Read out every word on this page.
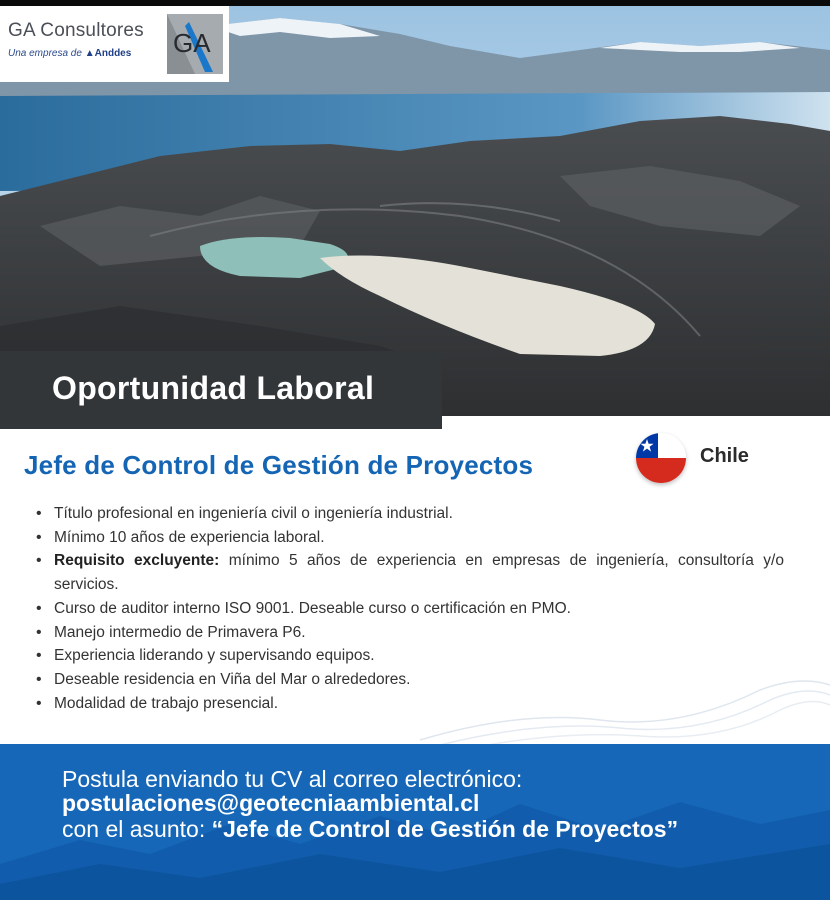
GA Consultores
Una empresa de ▲Anddes GA
Oportunidad Laboral
Jefe de Control de Gestión de Proyectos	Chile
• Título profesional en ingeniería civil o ingeniería industrial.
• Mínimo 10 años de experiencia laboral.
• Requisito excluyente: mínimo 5 años de experiencia en empresas de ingeniería, consultoría y/o servicios.
• Curso de auditor interno ISO 9001. Deseable curso o certificación en PMO.
• Manejo intermedio de Primavera P6.
• Experiencia liderando y supervisando equipos.
• Deseable residencia en Viña del Mar o alrededores.
• Modalidad de trabajo presencial.
Postula enviando tu CV al correo electrónico:
postulaciones@geotecniaambiental.cl
con el asunto: “Jefe de Control de Gestión de Proyectos”
